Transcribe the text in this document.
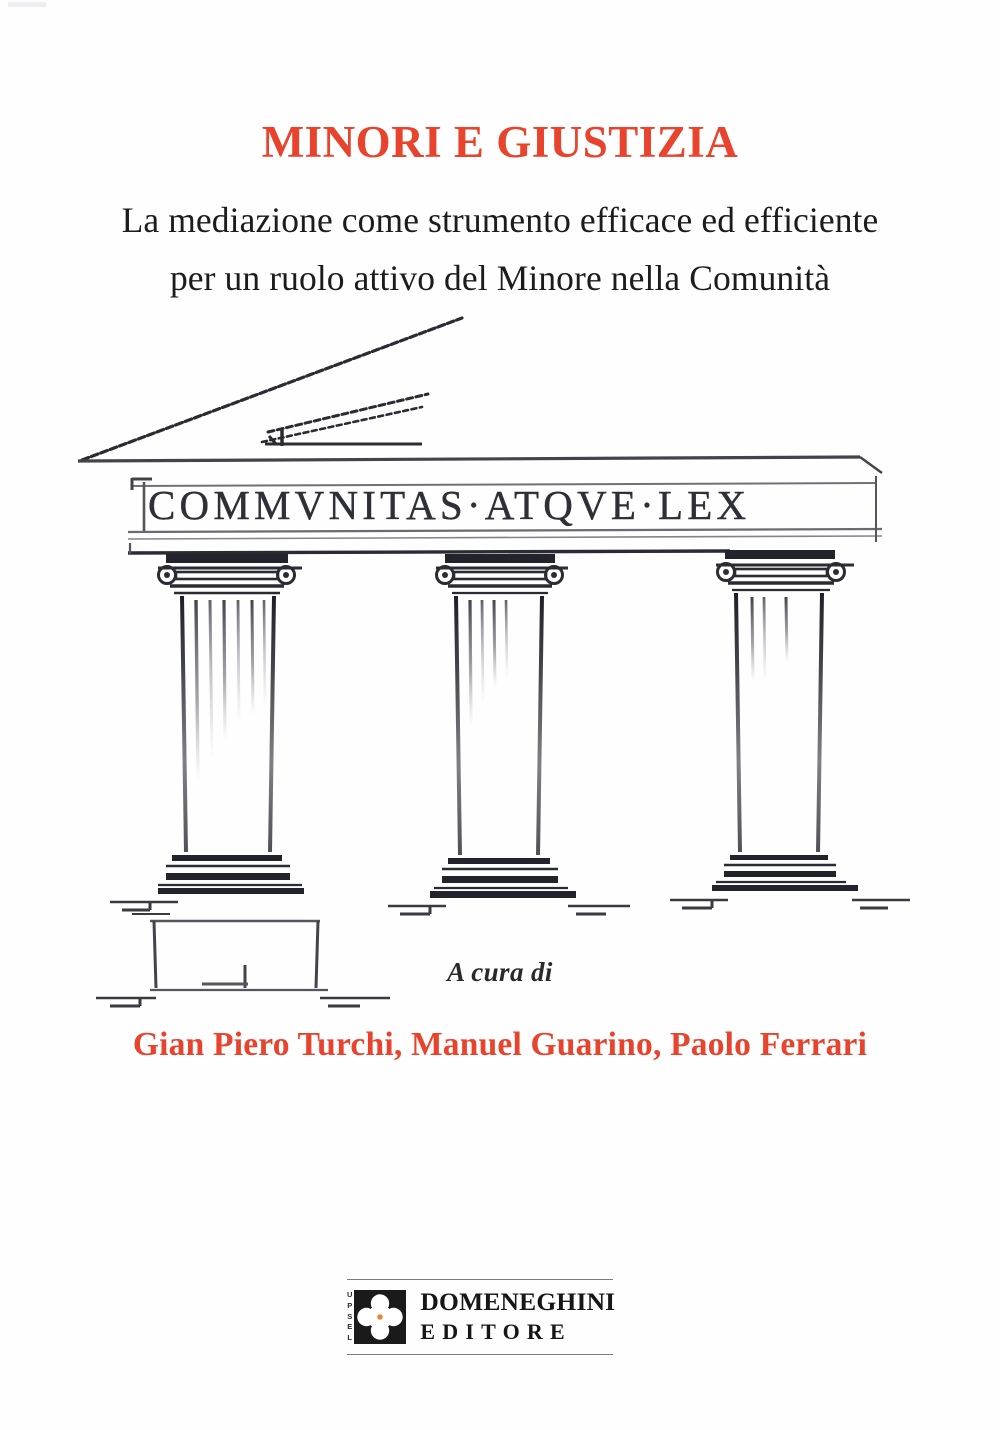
MINORI E GIUSTIZIA
La mediazione come strumento efficace ed efficiente
per un ruolo attivo del Minore nella Comunità
COMMVNITAS·ATQVE·LEX
A cura di
Gian Piero Turchi, Manuel Guarino, Paolo Ferrari
U
P
S
E
L
DOMENEGHINI
EDITORE
